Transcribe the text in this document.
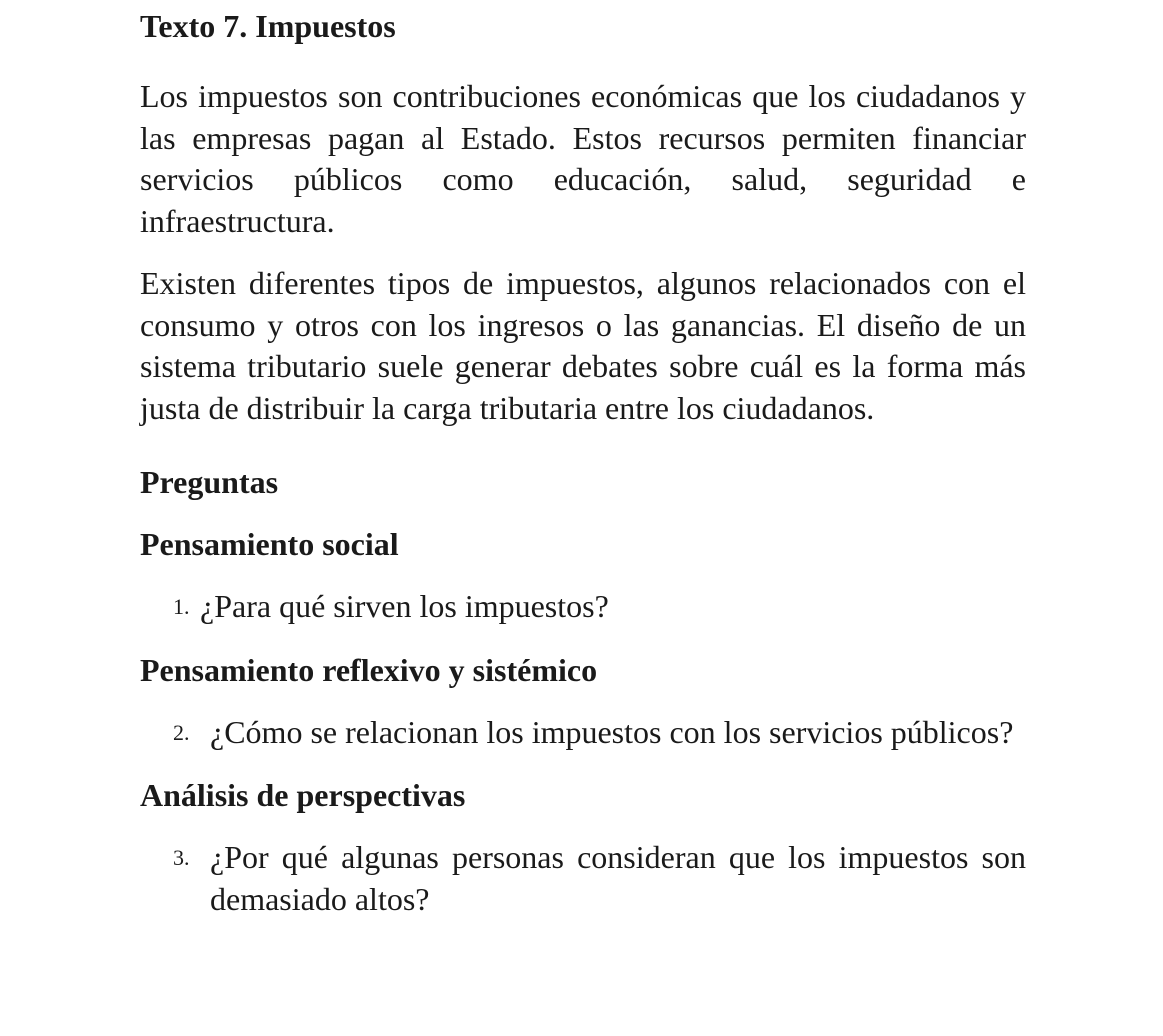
Texto 7. Impuestos

Los impuestos son contribuciones económicas que los ciudadanos y las empresas pagan al Estado. Estos recursos permiten financiar servicios públicos como educación, salud, seguridad e infraestructura.

Existen diferentes tipos de impuestos, algunos relacionados con el consumo y otros con los ingresos o las ganancias. El diseño de un sistema tributario suele generar debates sobre cuál es la forma más justa de distribuir la carga tributaria entre los ciudadanos.

Preguntas
Pensamiento social
1. ¿Para qué sirven los impuestos?
Pensamiento reflexivo y sistémico
2. ¿Cómo se relacionan los impuestos con los servicios públicos?
Análisis de perspectivas
3. ¿Por qué algunas personas consideran que los impuestos son demasiado altos?
